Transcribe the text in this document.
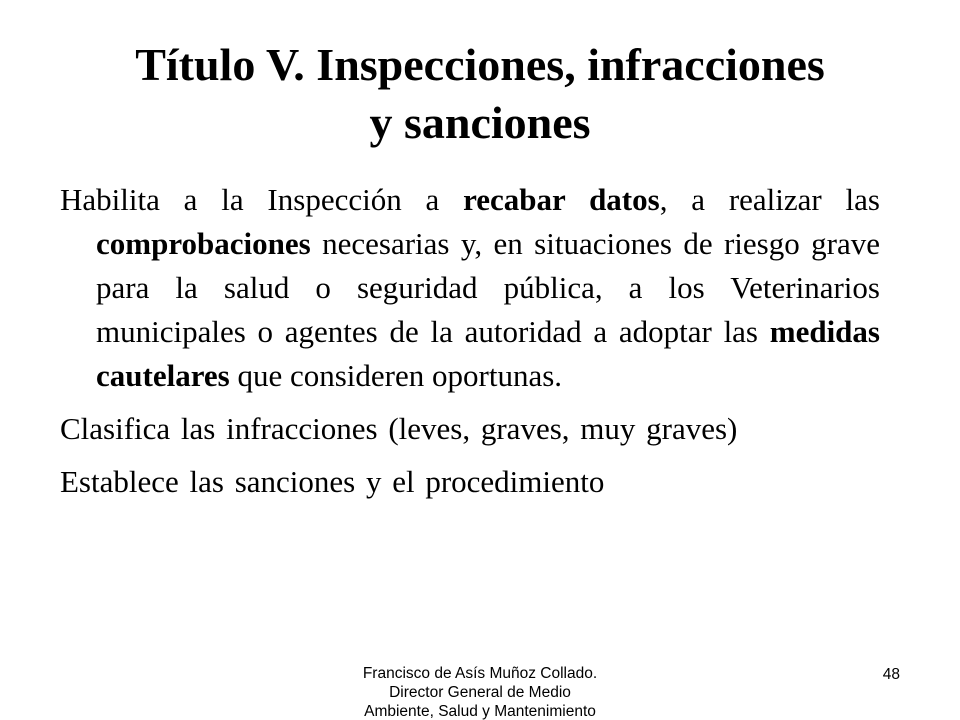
Título V. Inspecciones, infracciones
y sanciones

Habilita a la Inspección a recabar datos, a realizar las comprobaciones necesarias y, en situaciones de riesgo grave para la salud o seguridad pública, a los Veterinarios municipales o agentes de la autoridad a adoptar las medidas cautelares que consideren oportunas.

Clasifica las infracciones (leves, graves, muy graves)

Establece las sanciones y el procedimiento

Francisco de Asís Muñoz Collado.
Director General de Medio
Ambiente, Salud y Mantenimiento
48
